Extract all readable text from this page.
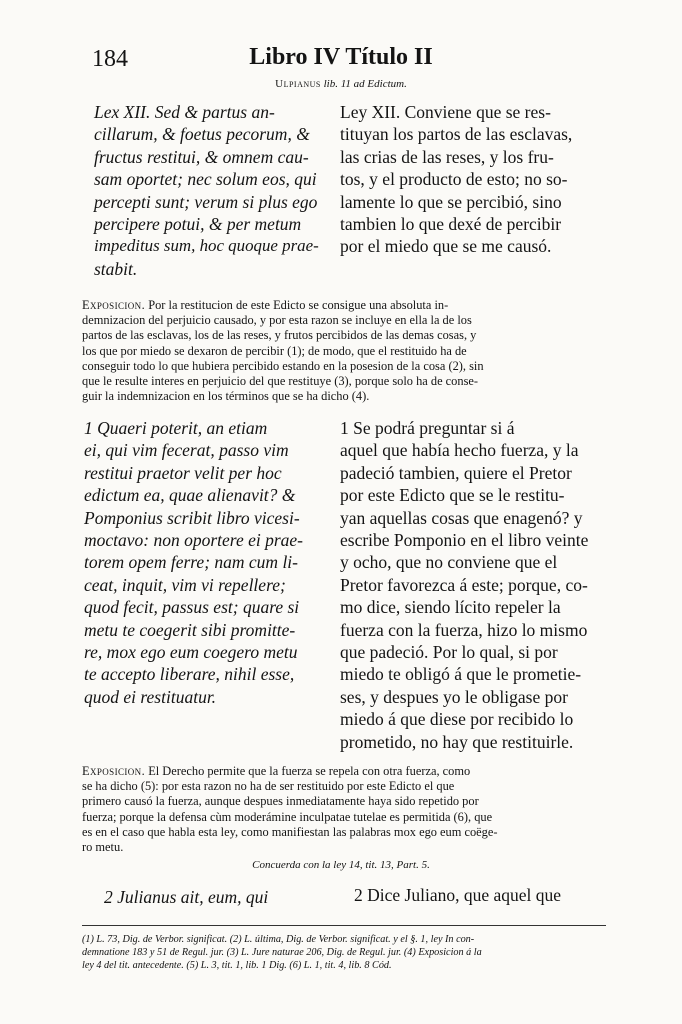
184	Libro IV Título II
Ulpianus lib. 11 ad Edictum.
Lex XII. Sed & partus an-
cillarum, & foetus pecorum, &
fructus restitui, & omnem cau-
sam oportet; nec solum eos, qui
percepti sunt; verum si plus ego
percipere potui, & per metum
impeditus sum, hoc quoque prae-
stabit.
Ley XII. Conviene que se res-
tituyan los partos de las esclavas,
las crias de las reses, y los fru-
tos, y el producto de esto; no so-
lamente lo que se percibió, sino
tambien lo que dexé de percibir
por el miedo que se me causó.
Exposicion. Por la restitucion de este Edicto se consigue una absoluta in-
demnizacion del perjuicio causado, y por esta razon se incluye en ella la de los
partos de las esclavas, los de las reses, y frutos percibidos de las demas cosas, y
los que por miedo se dexaron de percibir (1); de modo, que el restituido ha de
conseguir todo lo que hubiera percibido estando en la posesion de la cosa (2), sin
que le resulte interes en perjuicio del que restituye (3), porque solo ha de conse-
guir la indemnizacion en los términos que se ha dicho (4).
1 Quaeri poterit, an etiam
ei, qui vim fecerat, passo vim
restitui praetor velit per hoc
edictum ea, quae alienavit? &
Pomponius scribit libro vicesi-
moctavo: non oportere ei prae-
torem opem ferre; nam cum li-
ceat, inquit, vim vi repellere;
quod fecit, passus est; quare si
metu te coegerit sibi promitte-
re, mox ego eum coegero metu
te accepto liberare, nihil esse,
quod ei restituatur.
1 Se podrá preguntar si á
aquel que había hecho fuerza, y la
padeció tambien, quiere el Pretor
por este Edicto que se le restitu-
yan aquellas cosas que enagenó? y
escribe Pomponio en el libro veinte
y ocho, que no conviene que el
Pretor favorezca á este; porque, co-
mo dice, siendo lícito repeler la
fuerza con la fuerza, hizo lo mismo
que padeció. Por lo qual, si por
miedo te obligó á que le prometie-
ses, y despues yo le obligase por
miedo á que diese por recibido lo
prometido, no hay que restituirle.
Exposicion. El Derecho permite que la fuerza se repela con otra fuerza, como
se ha dicho (5): por esta razon no ha de ser restituido por este Edicto el que
primero causó la fuerza, aunque despues inmediatamente haya sido repetido por
fuerza; porque la defensa cùm moderámine inculpatae tutelae es permitida (6), que
es en el caso que habla esta ley, como manifiestan las palabras mox ego eum coëge-
ro metu.
Concuerda con la ley 14, tit. 13, Part. 5.
2 Julianus ait, eum, qui	2 Dice Juliano, que aquel que
(1) L. 73, Dig. de Verbor. significat. (2) L. última, Dig. de Verbor. significat. y el §. 1, ley In con-
demnatione 183 y 51 de Regul. jur. (3) L. Jure naturae 206, Dig. de Regul. jur. (4) Exposicion á la
ley 4 del tit. antecedente. (5) L. 3, tit. 1, lib. 1 Dig. (6) L. 1, tit. 4, lib. 8 Cód.
